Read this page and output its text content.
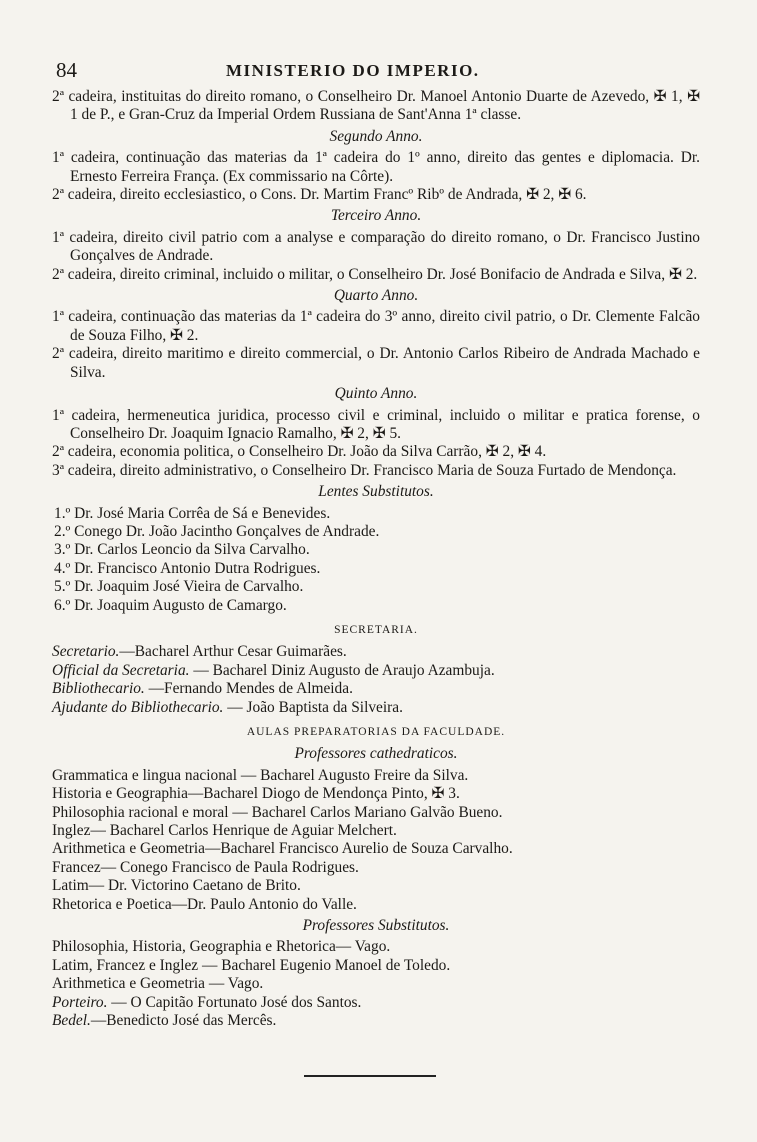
84	MINISTERIO DO IMPERIO.

2ª cadeira, instituitas do direito romano, o Conselheiro Dr. Manoel Antonio Duarte de Azevedo, ✠ 1, ✠ 1 de P., e Gran-Cruz da Imperial Ordem Russiana de Sant'Anna 1ª classe.

Segundo Anno.

1ª cadeira, continuação das materias da 1ª cadeira do 1º anno, direito das gentes e diplomacia. Dr. Ernesto Ferreira França. (Ex commissario na Côrte).

2ª cadeira, direito ecclesiastico, o Cons. Dr. Martim Francº Ribº de Andrada, ✠ 2, ✠ 6.

Terceiro Anno.

1ª cadeira, direito civil patrio com a analyse e comparação do direito romano, o Dr. Francisco Justino Gonçalves de Andrade.

2ª cadeira, direito criminal, incluido o militar, o Conselheiro Dr. José Bonifacio de Andrada e Silva, ✠ 2.

Quarto Anno.

1ª cadeira, continuação das materias da 1ª cadeira do 3º anno, direito civil patrio, o Dr. Clemente Falcão de Souza Filho, ✠ 2.

2ª cadeira, direito maritimo e direito commercial, o Dr. Antonio Carlos Ribeiro de Andrada Machado e Silva.

Quinto Anno.

1ª cadeira, hermeneutica juridica, processo civil e criminal, incluido o militar e pratica forense, o Conselheiro Dr. Joaquim Ignacio Ramalho, ✠ 2, ✠ 5.

2ª cadeira, economia politica, o Conselheiro Dr. João da Silva Carrão, ✠ 2, ✠ 4.

3ª cadeira, direito administrativo, o Conselheiro Dr. Francisco Maria de Souza Furtado de Mendonça.

Lentes Substitutos.

1.º Dr. José Maria Corrêa de Sá e Benevides.

2.º Conego Dr. João Jacintho Gonçalves de Andrade.

3.º Dr. Carlos Leoncio da Silva Carvalho.

4.º Dr. Francisco Antonio Dutra Rodrigues.

5.º Dr. Joaquim José Vieira de Carvalho.

6.º Dr. Joaquim Augusto de Camargo.

SECRETARIA.

Secretario.—Bacharel Arthur Cesar Guimarães.

Official da Secretaria. — Bacharel Diniz Augusto de Araujo Azambuja.

Bibliothecario. —Fernando Mendes de Almeida.

Ajudante do Bibliothecario. — João Baptista da Silveira.

AULAS PREPARATORIAS DA FACULDADE.

Professores cathedraticos.

Grammatica e lingua nacional — Bacharel Augusto Freire da Silva.

Historia e Geographia—Bacharel Diogo de Mendonça Pinto, ✠ 3.

Philosophia racional e moral — Bacharel Carlos Mariano Galvão Bueno.

Inglez— Bacharel Carlos Henrique de Aguiar Melchert.

Arithmetica e Geometria—Bacharel Francisco Aurelio de Souza Carvalho.

Francez— Conego Francisco de Paula Rodrigues.

Latim— Dr. Victorino Caetano de Brito.

Rhetorica e Poetica—Dr. Paulo Antonio do Valle.

Professores Substitutos.

Philosophia, Historia, Geographia e Rhetorica— Vago.

Latim, Francez e Inglez — Bacharel Eugenio Manoel de Toledo.

Arithmetica e Geometria — Vago.

Porteiro. — O Capitão Fortunato José dos Santos.

Bedel.—Benedicto José das Mercês.
